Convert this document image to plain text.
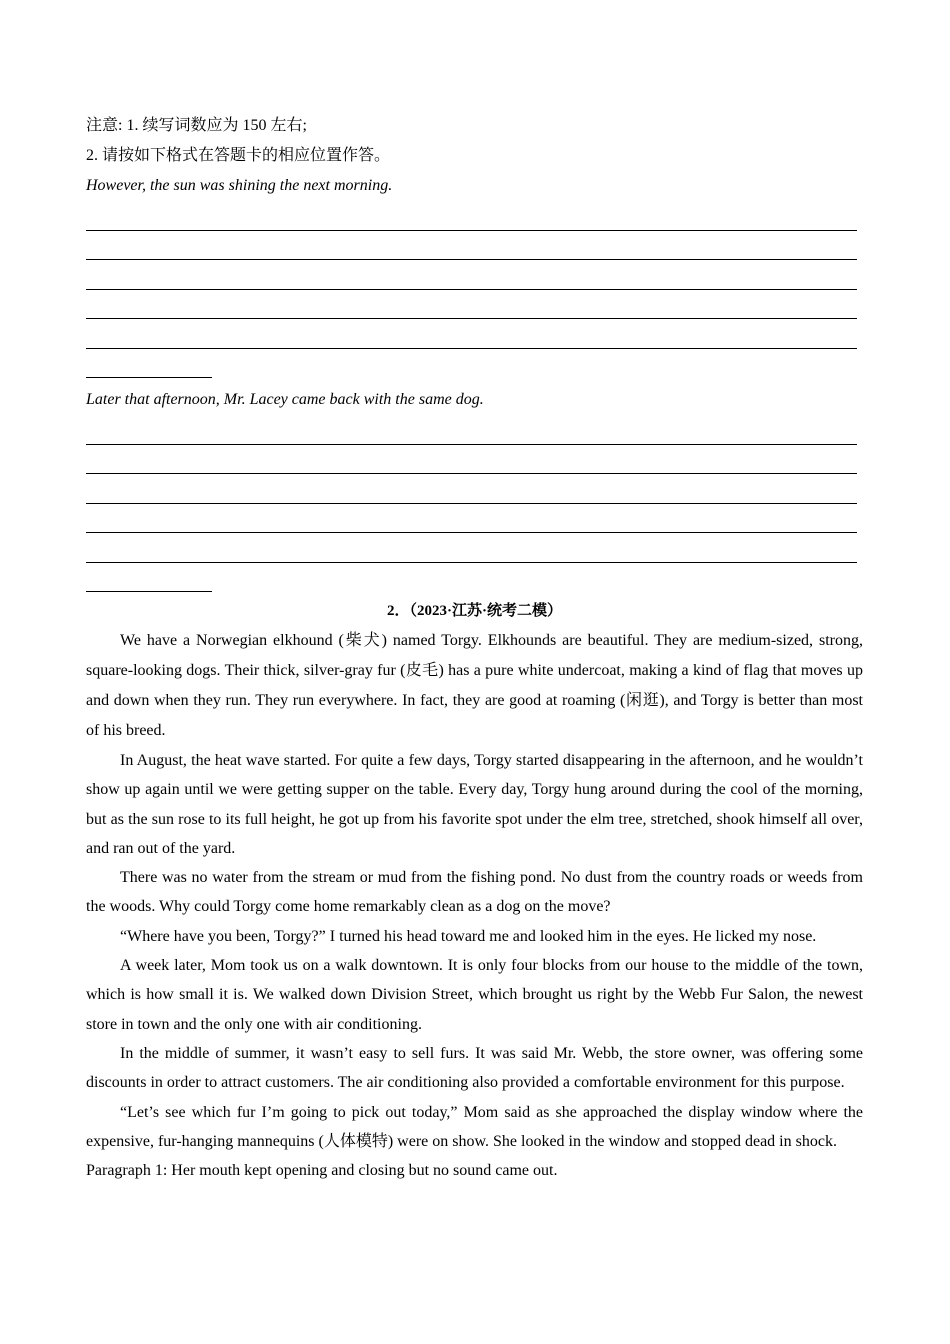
注意: 1. 续写词数应为 150 左右;
2. 请按如下格式在答题卡的相应位置作答。
However, the sun was shining the next morning.
Later that afternoon, Mr. Lacey came back with the same dog.
2．（2023·江苏·统考二模）

We have a Norwegian elkhound (柴犬) named Torgy. Elkhounds are beautiful. They are medium-sized, strong, square-looking dogs. Their thick, silver-gray fur (皮毛) has a pure white undercoat, making a kind of flag that moves up and down when they run. They run everywhere. In fact, they are good at roaming (闲逛), and Torgy is better than most of his breed.

In August, the heat wave started. For quite a few days, Torgy started disappearing in the afternoon, and he wouldn’t show up again until we were getting supper on the table. Every day, Torgy hung around during the cool of the morning, but as the sun rose to its full height, he got up from his favorite spot under the elm tree, stretched, shook himself all over, and ran out of the yard.

There was no water from the stream or mud from the fishing pond. No dust from the country roads or weeds from the woods. Why could Torgy come home remarkably clean as a dog on the move?

“Where have you been, Torgy?” I turned his head toward me and looked him in the eyes. He licked my nose.

A week later, Mom took us on a walk downtown. It is only four blocks from our house to the middle of the town, which is how small it is. We walked down Division Street, which brought us right by the Webb Fur Salon, the newest store in town and the only one with air conditioning.

In the middle of summer, it wasn’t easy to sell furs. It was said Mr. Webb, the store owner, was offering some discounts in order to attract customers. The air conditioning also provided a comfortable environment for this purpose.

“Let’s see which fur I’m going to pick out today,” Mom said as she approached the display window where the expensive, fur-hanging mannequins (人体模特) were on show. She looked in the window and stopped dead in shock.

Paragraph 1: Her mouth kept opening and closing but no sound came out.
